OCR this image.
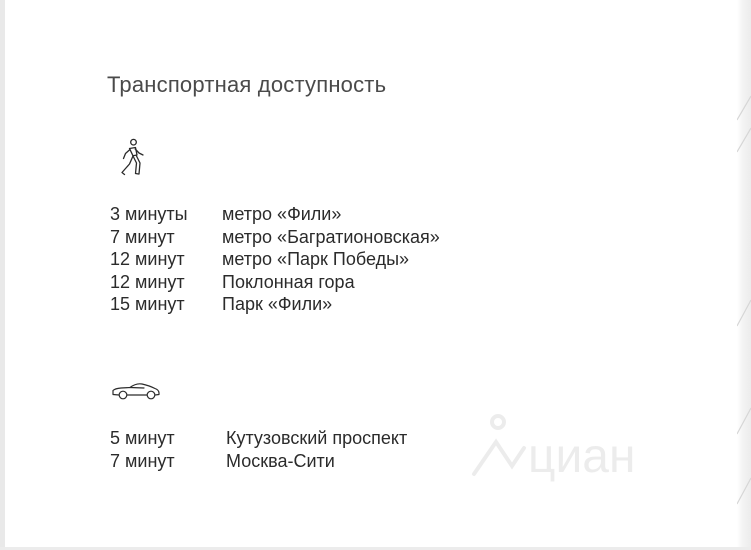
Транспортная доступность
3 минуты метро «Фили»
7 минут	метро «Багратионовская»
12 минут метро «Парк Победы»
12 минут Поклонная гора
15 минут Парк «Фили»
5 минут	Кутузовский проспект
7 минут	Москва-Сити	циан
